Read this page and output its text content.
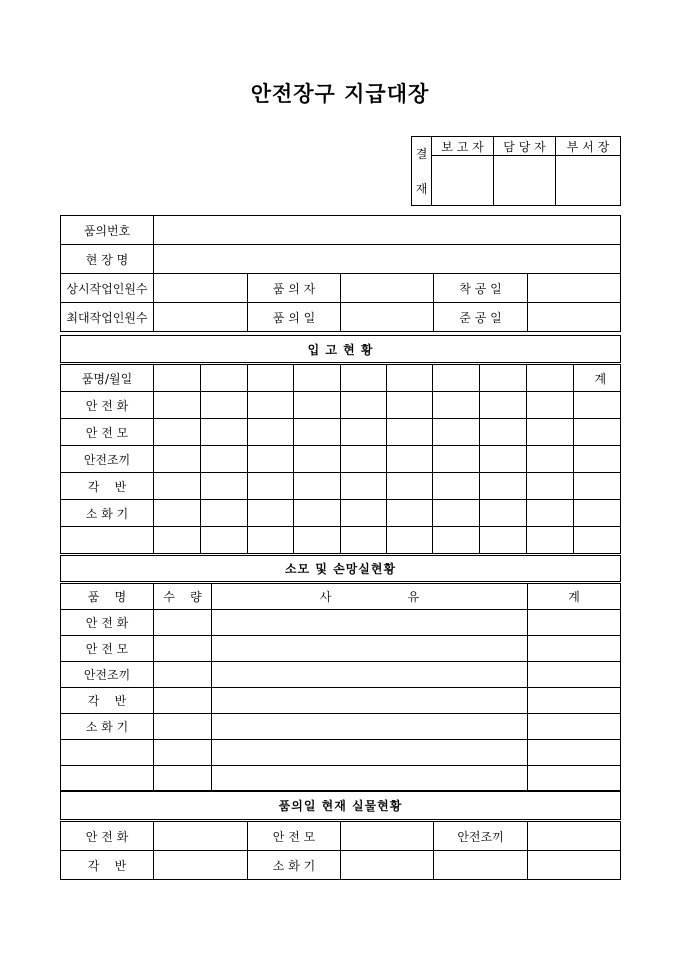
안전장구 지급대장
결
재	보 고 자	담 당 자	부 서 장

품의번호					
현 장 명					
상시작업인원수		품 의 자		착 공 일	
최대작업인원수		품 의 일		준 공 일	
입 고 현 황										
품명/월일										계
안 전 화										
안 전 모										
안전조끼										
각    반										
소 화 기										

소모 및 손망실현황			
품    명	수    량	사                    유	계
안 전 화			
안 전 모			
안전조끼			
각    반			
소 화 기			

품의일 현재 실물현황					
안 전 화		안 전 모		안전조끼	
각    반		소 화 기			
